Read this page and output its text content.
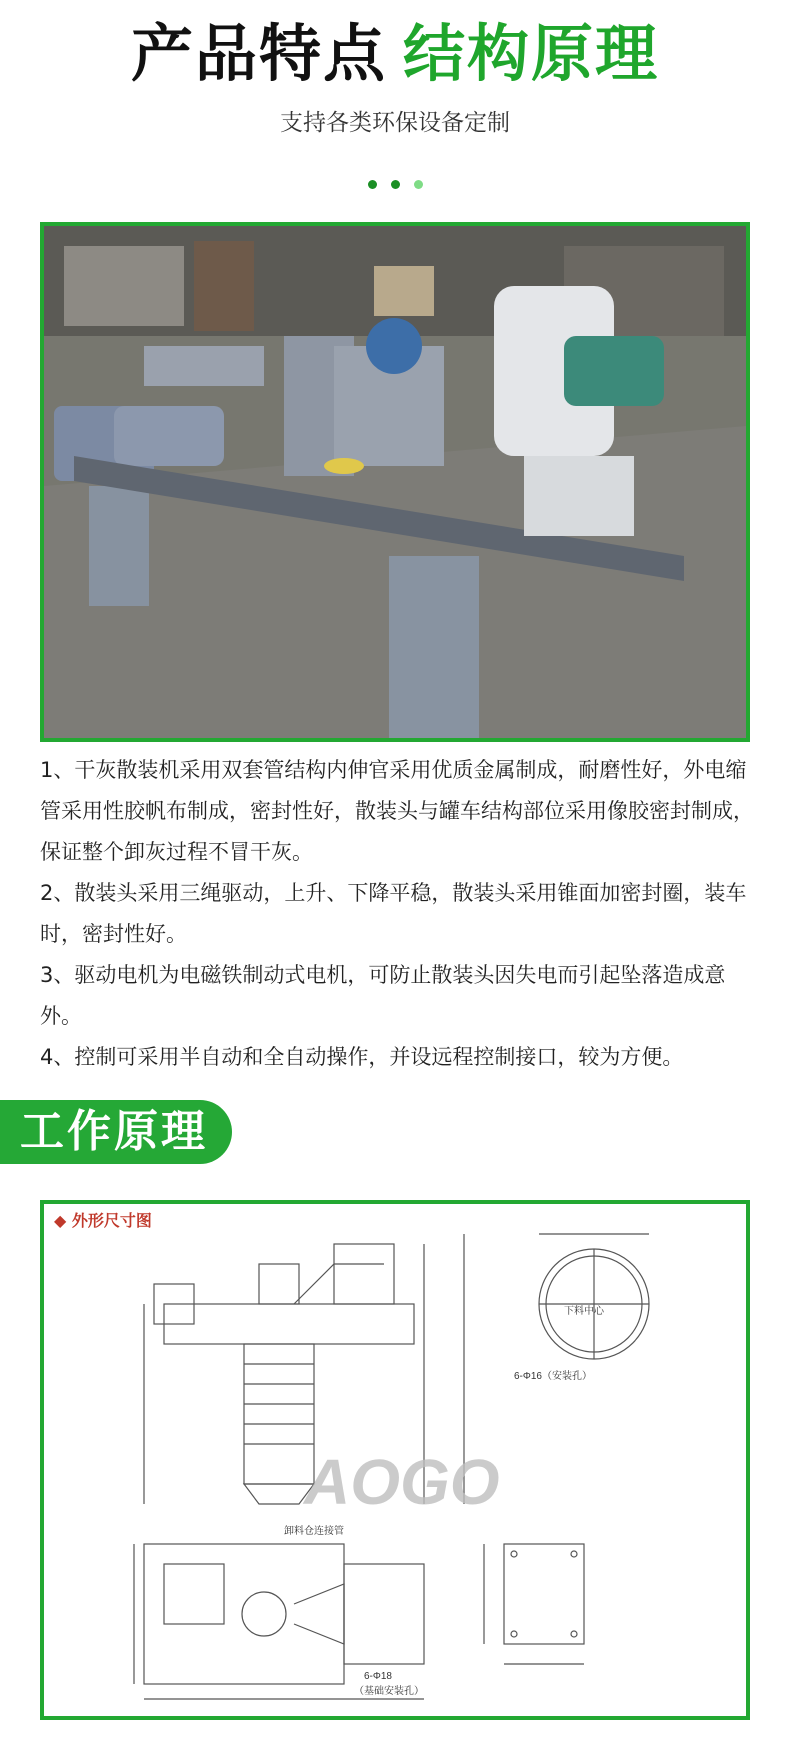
产品特点 结构原理
支持各类环保设备定制

1、干灰散装机采用双套管结构内伸官采用优质金属制成，耐磨性好，外电缩管采用性胶帆布制成，密封性好，散装头与罐车结构部位采用像胶密封制成，保证整个卸灰过程不冒干灰。

2、散装头采用三绳驱动，上升、下降平稳，散装头采用锥面加密封圈，装车时，密封性好。

3、驱动电机为电磁铁制动式电机，可防止散装头因失电而引起坠落造成意外。

4、控制可采用半自动和全自动操作，并设远程控制接口，较为方便。

工作原理
下料中心
6-Φ16（安装孔）
卸料仓连接管
6-Φ18
（基础安装孔）
AOGO
◆ 外形尺寸图
